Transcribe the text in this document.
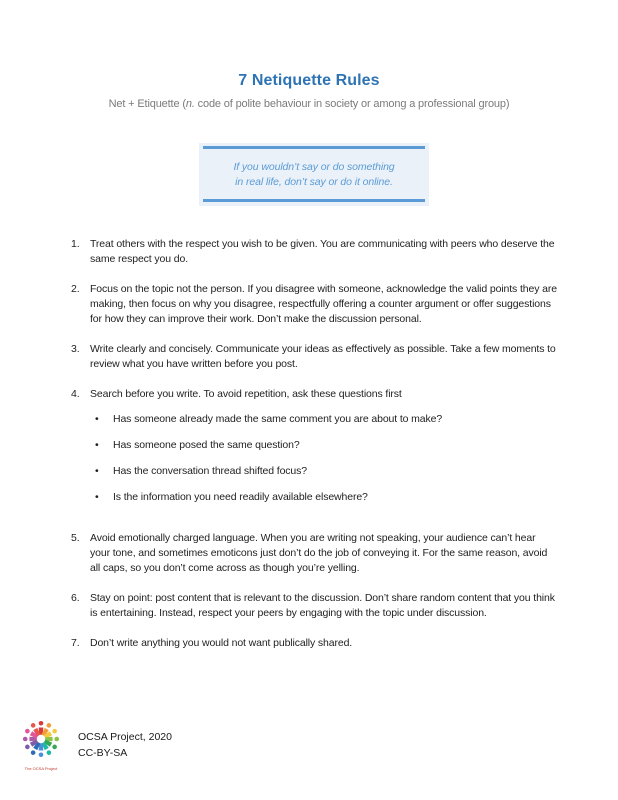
7 Netiquette Rules
Net + Etiquette (n. code of polite behaviour in society or among a professional group)
If you wouldn’t say or do something
in real life, don’t say or do it online.
1. Treat others with the respect you wish to be given. You are communicating with peers who deserve the same respect you do.
2. Focus on the topic not the person. If you disagree with someone, acknowledge the valid points they are making, then focus on why you disagree, respectfully offering a counter argument or offer suggestions for how they can improve their work. Don’t make the discussion personal.
3. Write clearly and concisely. Communicate your ideas as effectively as possible. Take a few moments to review what you have written before you post.
4. Search before you write. To avoid repetition, ask these questions first
•
Has someone already made the same comment you are about to make?
•
Has someone posed the same question?
•
Has the conversation thread shifted focus?
•
Is the information you need readily available elsewhere?
5. Avoid emotionally charged language. When you are writing not speaking, your audience can’t hear your tone, and sometimes emoticons just don’t do the job of conveying it. For the same reason, avoid all caps, so you don’t come across as though you’re yelling.
6. Stay on point: post content that is relevant to the discussion. Don’t share random content that you think is entertaining. Instead, respect your peers by engaging with the topic under discussion.
7. Don’t write anything you would not want publically shared.
The OCSA Project
OCSA Project, 2020
CC-BY-SA
